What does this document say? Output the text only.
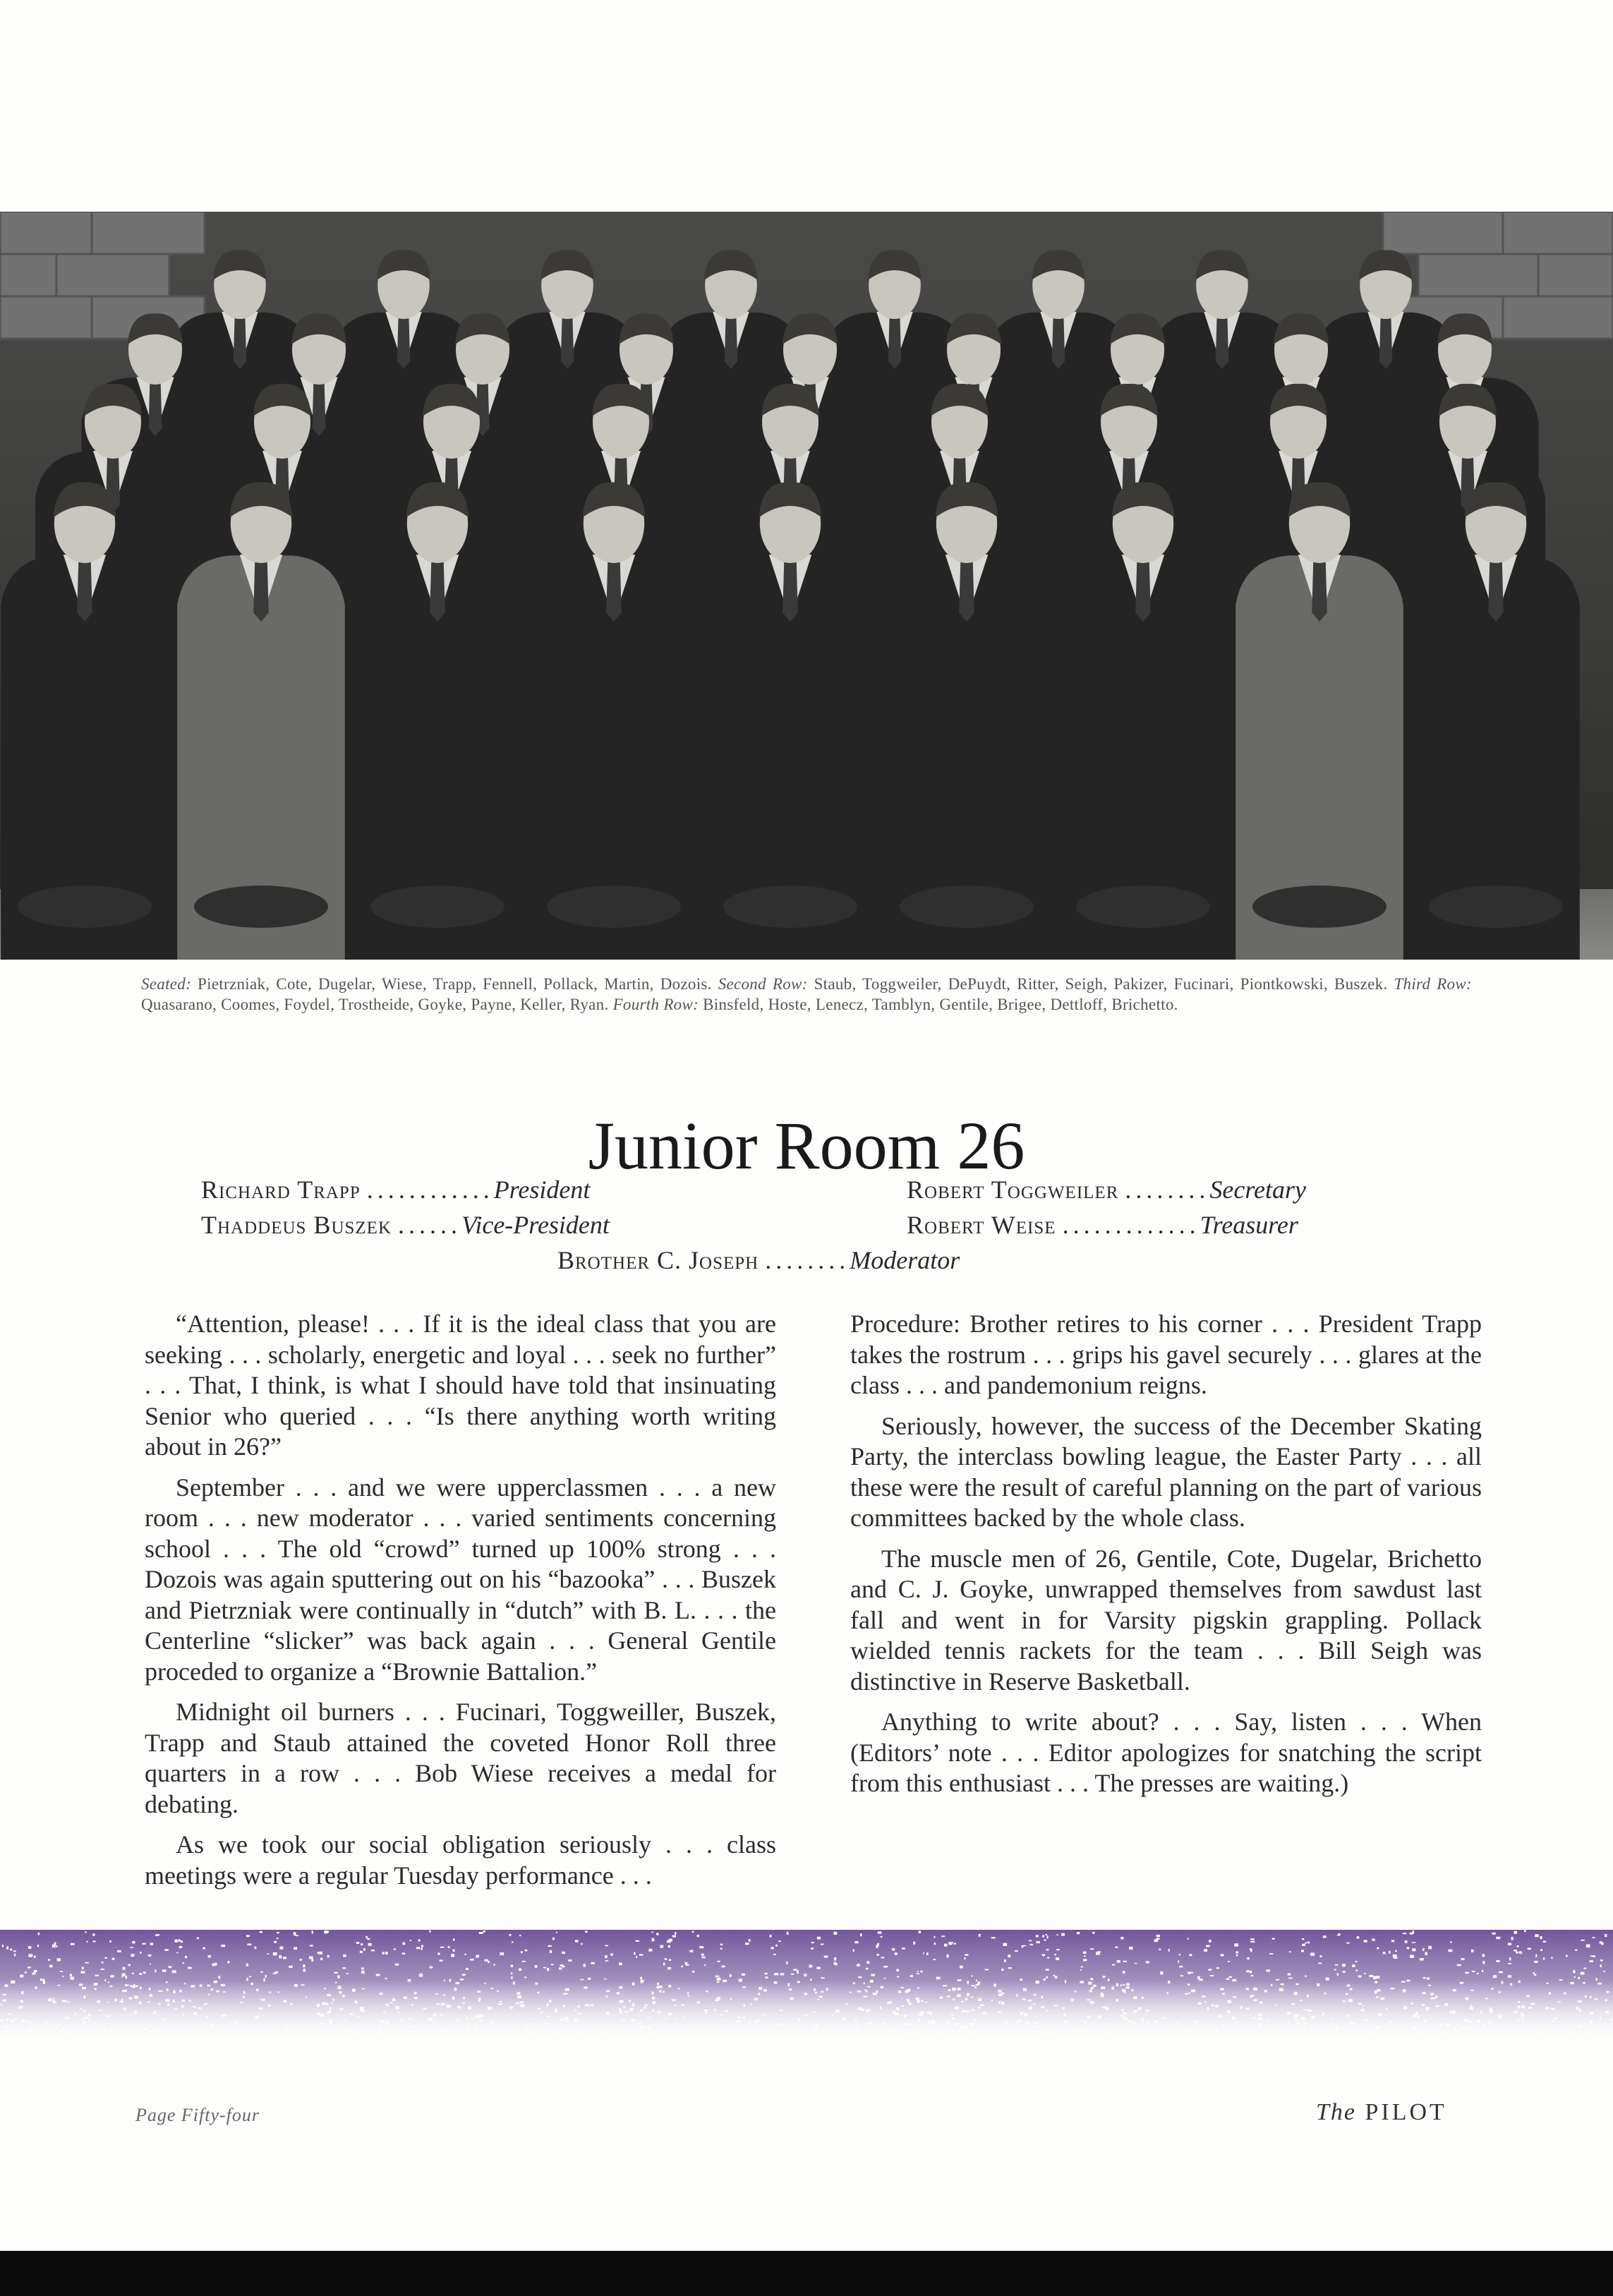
Seated: Pietrzniak, Cote, Dugelar, Wiese, Trapp, Fennell, Pollack, Martin, Dozois. Second Row: Staub, Toggweiler, DePuydt, Ritter, Seigh, Pakizer, Fucinari, Piontkowski, Buszek. Third Row: Quasarano, Coomes, Foydel, Trostheide, Goyke, Payne, Keller, Ryan. Fourth Row: Binsfeld, Hoste, Lenecz, Tamblyn, Gentile, Brigee, Dettloff, Brichetto.
Junior Room 26
Richard Trapp ............President
Thaddeus Buszek ......Vice-President
Robert Toggweiler ........Secretary
Robert Weise .............Treasurer
Brother C. Joseph ........Moderator

“Attention, please! . . . If it is the ideal class that you are seeking . . . scholarly, energetic and loyal . . . seek no further” . . . That, I think, is what I should have told that insinuating Senior who queried . . . “Is there anything worth writing about in 26?”

September . . . and we were upperclassmen . . . a new room . . . new moderator . . . varied sentiments concerning school . . . The old “crowd” turned up 100% strong . . . Dozois was again sputtering out on his “bazooka” . . . Buszek and Pietrzniak were continually in “dutch” with B. L. . . . the Centerline “slicker” was back again . . . General Gentile proceded to organize a “Brownie Battalion.”

Midnight oil burners . . . Fucinari, Toggweiller, Buszek, Trapp and Staub attained the coveted Honor Roll three quarters in a row . . . Bob Wiese receives a medal for debating.

As we took our social obligation seriously . . . class meetings were a regular Tuesday performance . . .

Procedure: Brother retires to his corner . . . President Trapp takes the rostrum . . . grips his gavel securely . . . glares at the class . . . and pandemonium reigns.

Seriously, however, the success of the December Skating Party, the interclass bowling league, the Easter Party . . . all these were the result of careful planning on the part of various committees backed by the whole class.

The muscle men of 26, Gentile, Cote, Dugelar, Brichetto and C. J. Goyke, unwrapped themselves from sawdust last fall and went in for Varsity pigskin grappling. Pollack wielded tennis rackets for the team . . . Bill Seigh was distinctive in Reserve Basketball.

Anything to write about? . . . Say, listen . . . When (Editors’ note . . . Editor apologizes for snatching the script from this enthusiast . . . The presses are waiting.)

Page Fifty-four	The PILOT
